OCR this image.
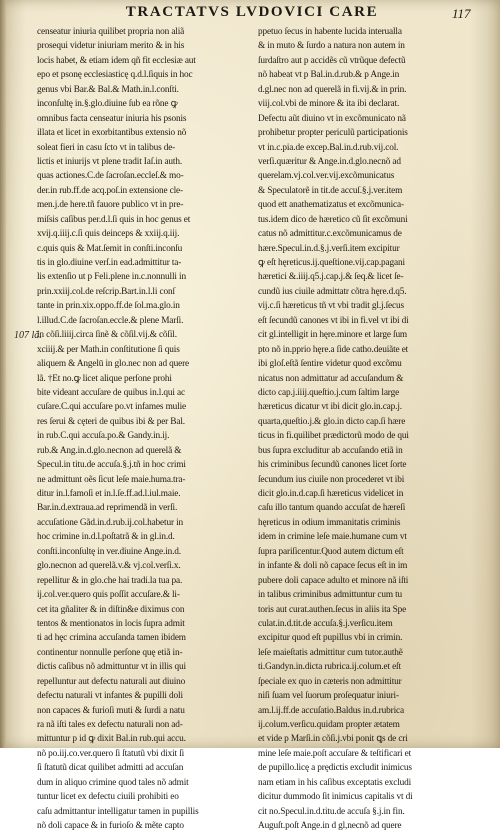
TRACTATVS LVDOVICI CARE	117
107 lã.
censeatur iniuria quilibet propria non aliã
prosequi videtur iniuriam merito & in his
locis habet, & etiam idem qñ fit ecclesiæ aut
epo et psonę ecclesiasticę q.d.l.ſiquis in hoc
genus vbi Bar.& Bal.& Math.in.l.conſti.
inconſultę in.§.glo.diuine ſub ea rõne ꝙ
omnibus facta censeatur iniuria his psonis
illata et licet in exorbitantibus extensio nõ
soleat fieri in casu ſcto vt in talibus de-
lictis et iniurijs vt plene tradit Iaſ.in auth.
quas actiones.C.de ſacroſan.eccleſ.& mo-
der.in rub.ff.de acq.poſ.in extensione cle-
men.j.de here.tñ fauore publico vt in pre-
miſsis caſibus per.d.l.ſi quis in hoc genus et
xvij.q.iiij.c.ſi quis deinceps & xxiij.q.iij.
c.quis quis & Mat.ſemit in conſti.inconſu
tis in glo.diuine verſ.in ead.admittitur ta-
lis extenſio ut p Feli.plene in.c.nonnulli in
prin.xxiij.col.de reſcrip.Bart.in.l.li conſ
tante in prin.xix.oppo.ff.de ſol.ma.glo.in
l.illud.C.de ſacroſan.eccle.& plene Marſi.
in cõſi.liiij.circa ſinẽ & cõſil.vij.& cõſil.
xciiij.& per Math.in conſtitutione ſi quis
aliquem & Angelū in glo.nec non ad quere
lã. †Et no.ꝙ licet alique perſone prohi
bite videant accuſare de quibus in.l.qui ac
cuſare.C.qui accuſare po.vt infames mulie
res ſerui & cęteri de quibus ibi & per Bal.
in rub.C.qui accuſa.po.& Gandy.in.ij.
rub.& Ang.in.d.glo.necnon ad querelã &
Specul.in titu.de accuſa.§.j.tñ in hoc crimi
ne admittunt oẽs ſicut leſe maie.huma.tra-
ditur in.l.famoſi et in.l.ſe.ff.ad.l.iul.maie.
Bar.in.d.extraua.ad reprimendã in verſi.
accuſatione Gãd.in.d.rub.ij.col.habetur in
hoc crimine in.d.l.poſtatrã & in gl.in.d.
conſti.inconſultę in ver.diuine Ange.in.d.
glo.necnon ad querelã.v.& vj.col.verſi.x.
repellitur & in glo.che hai tradi.la tua pa.
ij.col.ver.quero quis poſſit accuſare.& li-
cet ita gñaliter & in diſtin&e diximus con
tentos & mentionatos in locis ſupra admit
ti ad hęc crimina accuſanda tamen ibidem
continentur nonnulle perſone quę etiã in-
dictis caſibus nõ admittuntur vt in illis qui
repelluntur aut defectu naturali aut diuino
defectu naturali vt infantes & pupilli doli
non capaces & furioſi muti & ſurdi a natu
ra nã iſti tales ex defectu naturali non ad-
mittuntur p id ꝙ dixit Bal.in rub.qui accu.
nõ po.iij.co.ver.quero ſi ſtatutũ vbi dixit ſi
ſi ſtatutũ dicat quilibet admitti ad accuſan
dum in aliquo crimine quod tales nõ admit
tuntur licet ex defectu ciuili prohibiti eo
caſu admittantur intelligatur tamen in pupillis
nõ doli capace & in furioſo & mẽte capto
ppetuo ſecus in habente lucida interualla
& in muto & ſurdo a natura non autem in
ſurdaſtro aut p accidẽs cũ vtrũque defectũ
nõ habeat vt p Bal.in.d.rub.& p Ange.in
d.gl.nec non ad querelã in fi.vij.& in prin.
viij.col.vbi de minore & ita ibi declarat.
Defectu aũt diuino vt in excõmunicato nã
prohibetur propter periculũ participationis
vt in.c.pia.de excep.Bal.in.d.rub.vij.col.
verſi.quæritur & Ange.in.d.glo.necnõ ad
querelam.vj.col.ver.vij.excõmunicatus
& Speculatorẽ in tit.de accuſ.§.j.ver.item
quod ett anathematizatus et excõmunica-
tus.idem dico de hæretico cũ ſit excõmuni
catus nõ admittitur.c.excõmunicamus de
hære.Specul.in.d.§.j.verſi.item excipitur
ꝙ eſt hęreticus.ij.queſtione.vij.cap.pagani
hæretici &.iiij.q5.j.cap.j.& ſeq.& licet ſe-
cundũ ius ciuile admittatr cõtra hęre.d.q5.
vij.c.ſi hæreticus tñ vt vbi tradit gl.j.ſecus
eſt ſecundũ canones vt ibi in fi.vel vt ibi di
cit gl.intelligit in hęre.minore et large ſum
pto nõ in.pprio hęre.a ſide catho.deuiãte et
ibi gloſ.eſtã ſentire videtur quod excõmu
nicatus non admittatur ad accuſandum &
dicto cap.j.iiij.queſtio.j.cum ſaltim large
hæreticus dicatur vt ibi dicit glo.in.cap.j.
quarta,queſtio.j.& glo.in dicto cap.ſi hære
ticus in fi.quilibet prædictorũ modo de qui
bus ſupra excluditur ab accuſando etiã in
his criminibus ſecundũ canones licet ſorte
ſecundum ius ciuile non procederet vt ibi
dicit glo.in.d.cap.ſi hæreticus videlicet in
caſu illo tantum quando accuſat de hæreſi
hęreticus in odium immanitatis criminis
idem in crimine leſe maie.humane cum vt
ſupra pariſicentur.Quod autem dictum eſt
in infante & doli nõ capace ſecus eſt in im
pubere doli capace adulto et minore nã iſti
in talibus criminibus admittuntur cum tu
toris aut curat.authen.ſecus in aliis ita Spe
culat.in.d.tit.de accuſa.§.j.verſicu.item
excipitur quod eſt pupillus vbi in crimin.
leſe maieſtatis admittitur cum tutor.authẽ
ti.Gandyn.in.dicta rubrica.ij.colum.et eſt
ſpeciale ex quo in cæteris non admittitur
niſi ſuam vel ſuorum proſequatur iniuri-
am.l.ij.ff.de accuſatio.Baldus in.d.rubrica
ij.colum.verſicu.quidam propter ætatem
et vide p Marſi.in cõſi.j.vbi ponit ꝗs de cri
mine leſe maie.poſt accuſare & teſtificari et
de pupillo.licę a prędictis excludit inimicus
nam etiam in his caſibus exceptatis excludi
dicitur dummodo ſit inimicus capitalis vt di
cit no.Specul.in.d.titu.de accuſa §.j.in fin.
Auguſt.poſt Ange.in d gl,necnõ ad quere
